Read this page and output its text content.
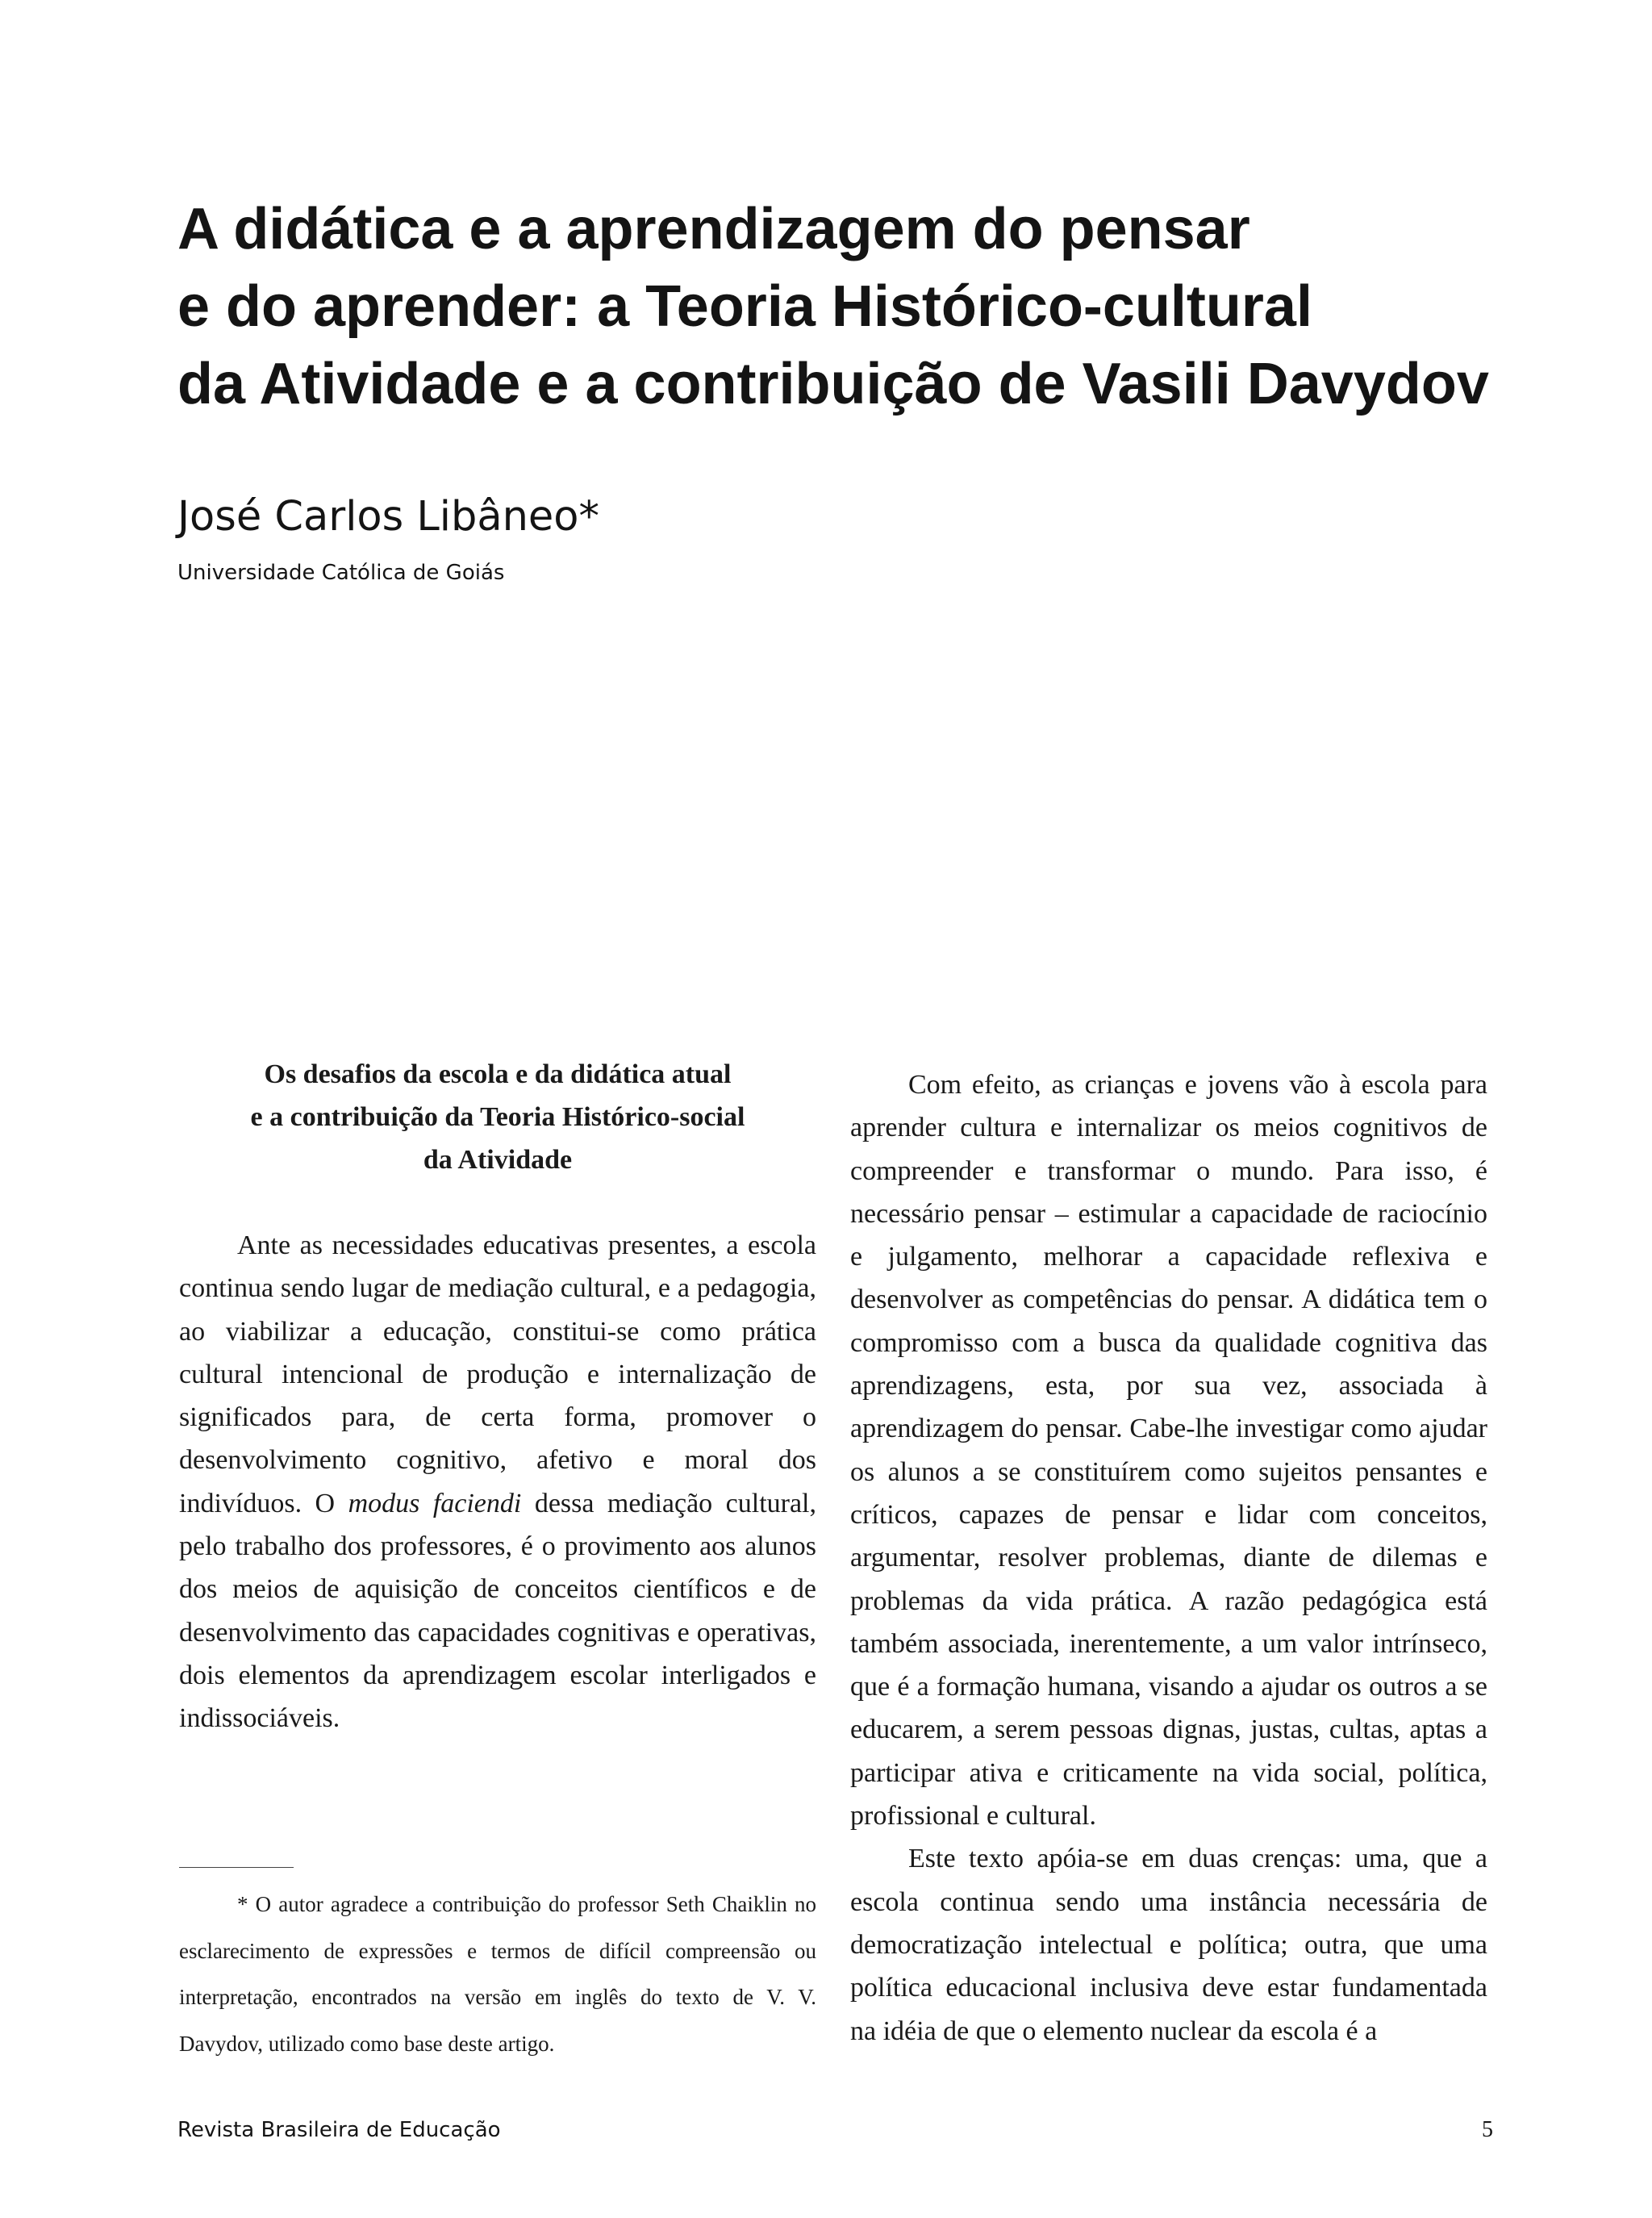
A didática e a aprendizagem do pensar
e do aprender: a Teoria Histórico-cultural
da Atividade e a contribuição de Vasili Davydov
José Carlos Libâneo*
Universidade Católica de Goiás
Os desafios da escola e da didática atual
e a contribuição da Teoria Histórico-social
da Atividade

Ante as necessidades educativas presentes, a escola continua sendo lugar de mediação cultural, e a pedagogia, ao viabilizar a educação, constitui-se como prática cultural intencional de produção e internalização de significados para, de certa forma, promover o desenvolvimento cognitivo, afetivo e moral dos indivíduos. O modus faciendi dessa mediação cultural, pelo trabalho dos professores, é o provimento aos alunos dos meios de aquisição de conceitos científicos e de desenvolvimento das capacidades cognitivas e operativas, dois elementos da aprendizagem escolar interligados e indissociáveis.

Com efeito, as crianças e jovens vão à escola para aprender cultura e internalizar os meios cognitivos de compreender e transformar o mundo. Para isso, é necessário pensar – estimular a capacidade de raciocínio e julgamento, melhorar a capacidade reflexiva e desenvolver as competências do pensar. A didática tem o compromisso com a busca da qualidade cognitiva das aprendizagens, esta, por sua vez, associada à aprendizagem do pensar. Cabe-lhe investigar como ajudar os alunos a se constituírem como sujeitos pensantes e críticos, capazes de pensar e lidar com conceitos, argumentar, resolver problemas, diante de dilemas e problemas da vida prática. A razão pedagógica está também associada, inerentemente, a um valor intrínseco, que é a formação humana, visando a ajudar os outros a se educarem, a serem pessoas dignas, justas, cultas, aptas a participar ativa e criticamente na vida social, política, profissional e cultural.

Este texto apóia-se em duas crenças: uma, que a escola continua sendo uma instância necessária de democratização intelectual e política; outra, que uma política educacional inclusiva deve estar fundamentada na idéia de que o elemento nuclear da escola é a

* O autor agradece a contribuição do professor Seth Chaiklin no esclarecimento de expressões e termos de difícil compreensão ou interpretação, encontrados na versão em inglês do texto de V. V. Davydov, utilizado como base deste artigo.

Revista Brasileira de Educação	5
